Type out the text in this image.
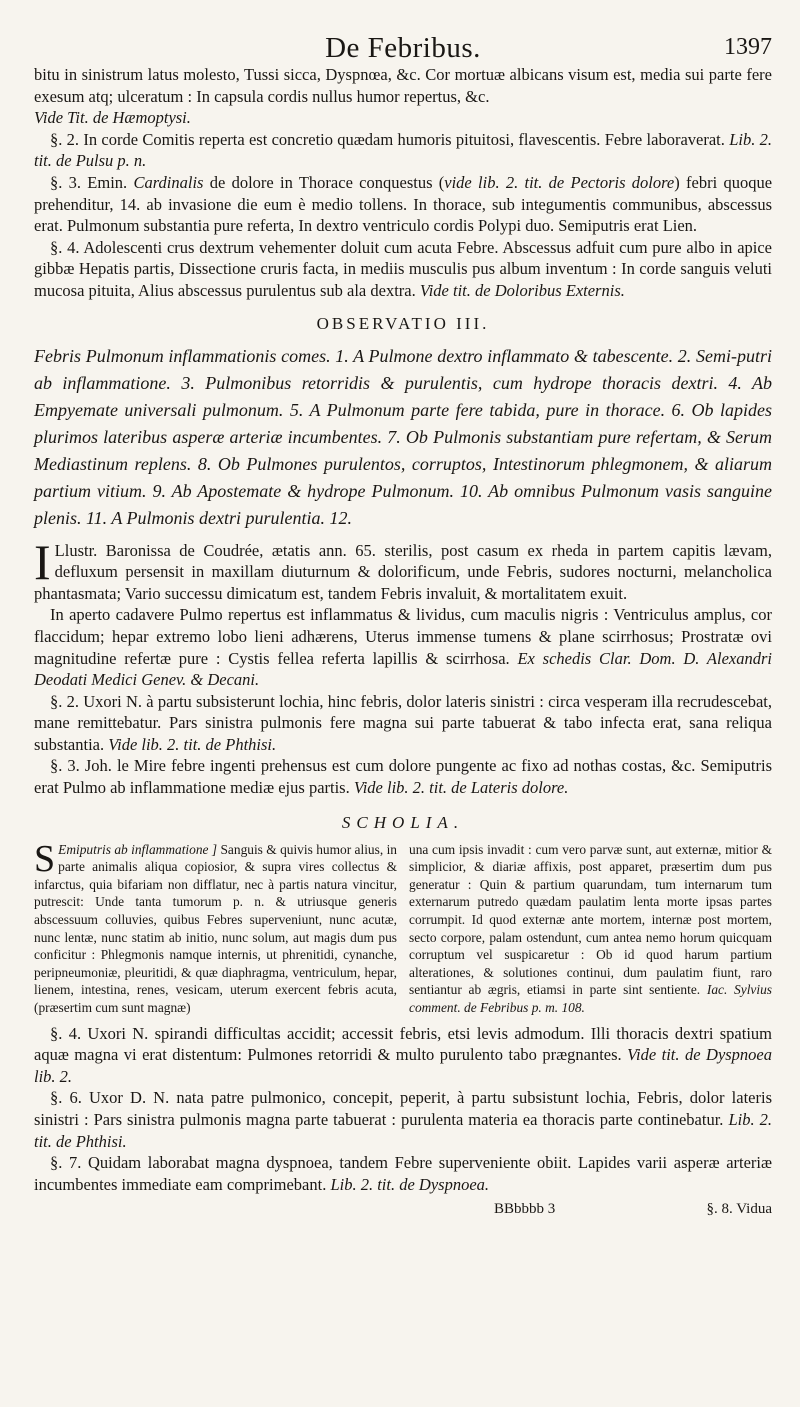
De Febribus.	1397

bitu in sinistrum latus molesto, Tussi sicca, Dyspnœa, &c. Cor mortuæ albicans visum est, media sui parte fere exesum atq; ulceratum : In capsula cordis nullus humor repertus, &c.
Vide Tit. de Hæmoptysi.

§. 2. In corde Comitis reperta est concretio quædam humoris pituitosi, flavescentis. Febre laboraverat. Lib. 2. tit. de Pulsu p. n.

§. 3. Emin. Cardinalis de dolore in Thorace conquestus (vide lib. 2. tit. de Pectoris dolore) febri quoque prehenditur, 14. ab invasione die eum è medio tollens. In thorace, sub integumentis communibus, abscessus erat. Pulmonum substantia pure referta, In dextro ventriculo cordis Polypi duo. Semiputris erat Lien.

§. 4. Adolescenti crus dextrum vehementer doluit cum acuta Febre. Abscessus adfuit cum pure albo in apice gibbæ Hepatis partis, Dissectione cruris facta, in mediis musculis pus album inventum : In corde sanguis veluti mucosa pituita, Alius abscessus purulentus sub ala dextra. Vide tit. de Doloribus Externis.

OBSERVATIO III.

Febris Pulmonum inflammationis comes. 1. A Pulmone dextro inflammato & tabescente. 2. Semi-putri ab inflammatione. 3. Pulmonibus retorridis & purulentis, cum hydrope thoracis dextri. 4. Ab Empyemate universali pulmonum. 5. A Pulmonum parte fere tabida, pure in thorace. 6. Ob lapides plurimos lateribus asperæ arteriæ incumbentes. 7. Ob Pulmonis substantiam pure refertam, & Serum Mediastinum replens. 8. Ob Pulmones purulentos, corruptos, Intestinorum phlegmonem, & aliarum partium vitium. 9. Ab Apostemate & hydrope Pulmonum. 10. Ab omnibus Pulmonum vasis sanguine plenis. 11. A Pulmonis dextri purulentia. 12.

I Llustr. Baronissa de Coudrée, ætatis ann. 65. sterilis, post casum ex rheda in partem capitis lævam, defluxum persensit in maxillam diuturnum & dolorificum, unde Febris, sudores nocturni, melancholica phantasmata; Vario successu dimicatum est, tandem Febris invaluit, & mortalitatem exuit.

In aperto cadavere Pulmo repertus est inflammatus & lividus, cum maculis nigris : Ventriculus amplus, cor flaccidum; hepar extremo lobo lieni adhærens, Uterus immense tumens & plane scirrhosus; Prostratæ ovi magnitudine refertæ pure : Cystis fellea referta lapillis & scirrhosa. Ex schedis Clar. Dom. D. Alexandri Deodati Medici Genev. & Decani.

§. 2. Uxori N. à partu subsisterunt lochia, hinc febris, dolor lateris sinistri : circa vesperam illa recrudescebat, mane remittebatur. Pars sinistra pulmonis fere magna sui parte tabuerat & tabo infecta erat, sana reliqua substantia. Vide lib. 2. tit. de Phthisi.

§. 3. Joh. le Mire febre ingenti prehensus est cum dolore pungente ac fixo ad nothas costas, &c. Semiputris erat Pulmo ab inflammatione mediæ ejus partis. Vide lib. 2. tit. de Lateris dolore.

SCHOLIA.
S Emiputris ab inflammatione ] Sanguis & quivis humor alius, in parte animalis aliqua copiosior, & supra vires collectus & infarctus, quia bifariam non difflatur, nec à partis natura vincitur, putrescit: Unde tanta tumorum p. n. & utriusque generis abscessuum colluvies, quibus Febres superveniunt, nunc acutæ, nunc lentæ, nunc statim ab initio, nunc solum, aut magis dum pus conficitur : Phlegmonis namque internis, ut phrenitidi, cynanche, peripneumoniæ, pleuritidi, & quæ diaphragma, ventriculum, hepar, lienem, intestina, renes, vesicam, uterum exercent febris acuta, (præsertim cum sunt magnæ)
una cum ipsis invadit : cum vero parvæ sunt, aut externæ, mitior & simplicior, & diariæ affixis, post apparet, præsertim dum pus generatur : Quin & partium quarundam, tum internarum tum externarum putredo quædam paulatim lenta morte ipsas partes corrumpit. Id quod externæ ante mortem, internæ post mortem, secto corpore, palam ostendunt, cum antea nemo horum quicquam corruptum vel suspicaretur : Ob id quod harum partium alterationes, & solutiones continui, dum paulatim fiunt, raro sentiantur ab ægris, etiamsi in parte sint sentiente. Iac. Sylvius comment. de Febribus p. m. 108.

§. 4. Uxori N. spirandi difficultas accidit; accessit febris, etsi levis admodum. Illi thoracis dextri spatium aquæ magna vi erat distentum: Pulmones retorridi & multo purulento tabo prægnantes. Vide tit. de Dyspnoea lib. 2.

§. 6. Uxor D. N. nata patre pulmonico, concepit, peperit, à partu subsistunt lochia, Febris, dolor lateris sinistri : Pars sinistra pulmonis magna parte tabuerat : purulenta materia ea thoracis parte continebatur. Lib. 2. tit. de Phthisi.

§. 7. Quidam laborabat magna dyspnoea, tandem Febre superveniente obiit. Lapides varii asperæ arteriæ incumbentes immediate eam comprimebant. Lib. 2. tit. de Dyspnoea.

BBbbbb 3	§. 8. Vidua
